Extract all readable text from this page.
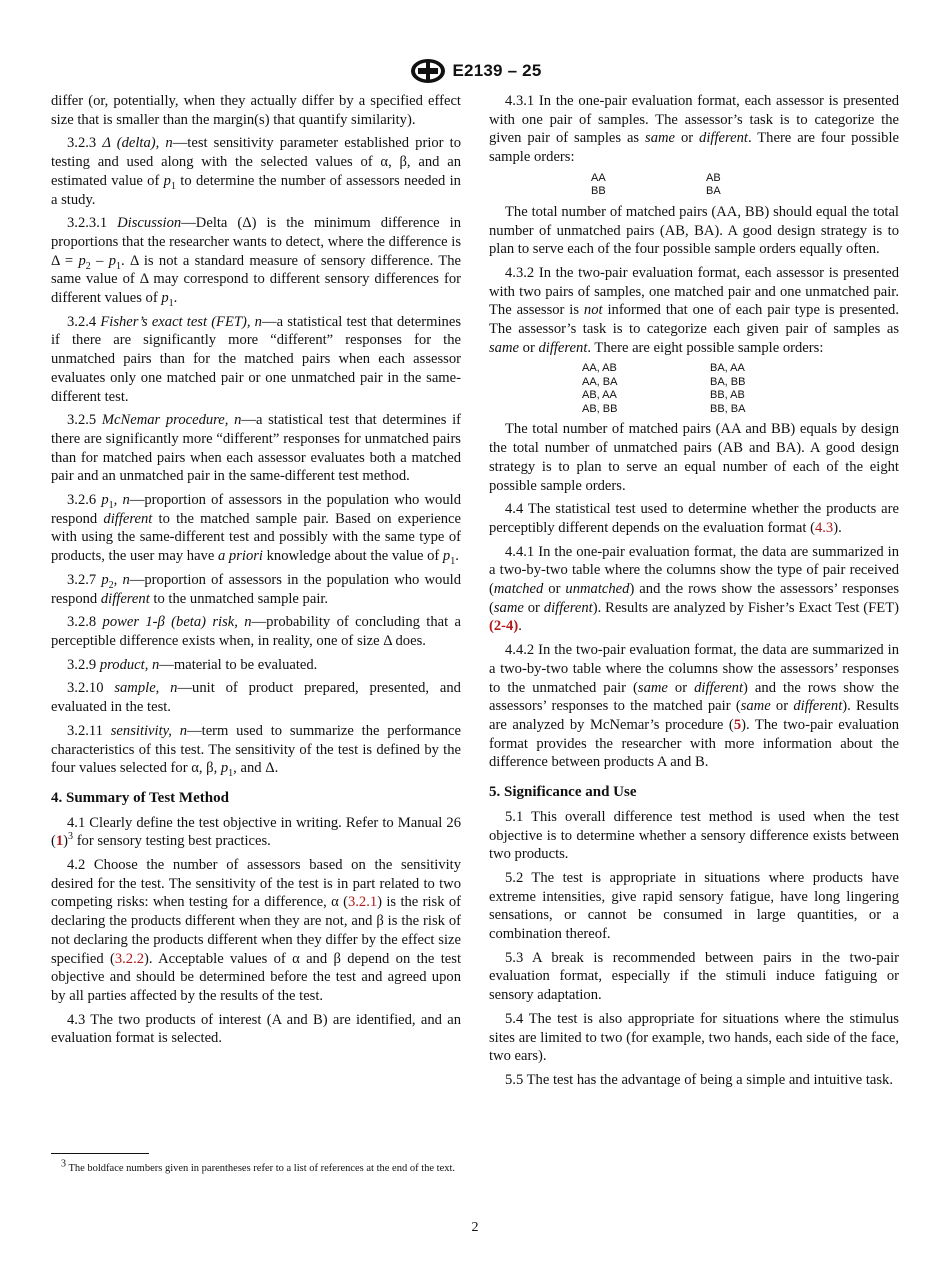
E2139 – 25

differ (or, potentially, when they actually differ by a specified effect size that is smaller than the margin(s) that quantify similarity).

3.2.3 Δ (delta), n—test sensitivity parameter established prior to testing and used along with the selected values of α, β, and an estimated value of $p_1$ to determine the number of assessors needed in a study.

3.2.3.1 Discussion—Delta (Δ) is the minimum difference in proportions that the researcher wants to detect, where the difference is $\Delta = p_2 - p_1$. Δ is not a standard measure of sensory difference. The same value of Δ may correspond to different sensory differences for different values of $p_1$.

3.2.4 Fisher’s exact test (FET), n—a statistical test that determines if there are significantly more “different” responses for the unmatched pairs than for the matched pairs when each assessor evaluates only one matched pair or one unmatched pair in the same-different test.

3.2.5 McNemar procedure, n—a statistical test that determines if there are significantly more “different” responses for unmatched pairs than for matched pairs when each assessor evaluates both a matched pair and an unmatched pair in the same-different test method.

3.2.6 $p_1$, n—proportion of assessors in the population who would respond different to the matched sample pair. Based on experience with using the same-different test and possibly with the same type of products, the user may have a priori knowledge about the value of $p_1$.

3.2.7 $p_2$, n—proportion of assessors in the population who would respond different to the unmatched sample pair.

3.2.8 power 1-β (beta) risk, n—probability of concluding that a perceptible difference exists when, in reality, one of size Δ does.

3.2.9 product, n—material to be evaluated.

3.2.10 sample, n—unit of product prepared, presented, and evaluated in the test.

3.2.11 sensitivity, n—term used to summarize the performance characteristics of this test. The sensitivity of the test is defined by the four values selected for α, β, $p_1$, and Δ.

4. Summary of Test Method

4.1 Clearly define the test objective in writing. Refer to Manual 26 $(1)^3$ for sensory testing best practices.

4.2 Choose the number of assessors based on the sensitivity desired for the test. The sensitivity of the test is in part related to two competing risks: when testing for a difference, α (3.2.1) is the risk of declaring the products different when they are not, and β is the risk of not declaring the products different when they differ by the effect size specified (3.2.2). Acceptable values of α and β depend on the test objective and should be determined before the test and agreed upon by all parties affected by the results of the test.

4.3 The two products of interest (A and B) are identified, and an evaluation format is selected.

$^3$ The boldface numbers given in parentheses refer to a list of references at the end of the text.

4.3.1 In the one-pair evaluation format, each assessor is presented with one pair of samples. The assessor’s task is to categorize the given pair of samples as same or different. There are four possible sample orders:

AA
BB
AB
BA

The total number of matched pairs (AA, BB) should equal the total number of unmatched pairs (AB, BA). A good design strategy is to plan to serve each of the four possible sample orders equally often.

4.3.2 In the two-pair evaluation format, each assessor is presented with two pairs of samples, one matched pair and one unmatched pair. The assessor is not informed that one of each pair type is presented. The assessor’s task is to categorize each given pair of samples as same or different. There are eight possible sample orders:

AA, AB
AA, BA
AB, AA
AB, BB
BA, AA
BA, BB
BB, AB
BB, BA

The total number of matched pairs (AA and BB) equals by design the total number of unmatched pairs (AB and BA). A good design strategy is to plan to serve an equal number of each of the eight possible sample orders.

4.4 The statistical test used to determine whether the products are perceptibly different depends on the evaluation format (4.3).

4.4.1 In the one-pair evaluation format, the data are summarized in a two-by-two table where the columns show the type of pair received (matched or unmatched) and the rows show the assessors’ responses (same or different). Results are analyzed by Fisher’s Exact Test (FET) (2-4).

4.4.2 In the two-pair evaluation format, the data are summarized in a two-by-two table where the columns show the assessors’ responses to the unmatched pair (same or different) and the rows show the assessors’ responses to the matched pair (same or different). Results are analyzed by McNemar’s procedure (5). The two-pair evaluation format provides the researcher with more information about the difference between products A and B.

5. Significance and Use

5.1 This overall difference test method is used when the test objective is to determine whether a sensory difference exists between two products.

5.2 The test is appropriate in situations where products have extreme intensities, give rapid sensory fatigue, have long lingering sensations, or cannot be consumed in large quantities, or a combination thereof.

5.3 A break is recommended between pairs in the two-pair evaluation format, especially if the stimuli induce fatiguing or sensory adaptation.

5.4 The test is also appropriate for situations where the stimulus sites are limited to two (for example, two hands, each side of the face, two ears).

5.5 The test has the advantage of being a simple and intuitive task.

2
